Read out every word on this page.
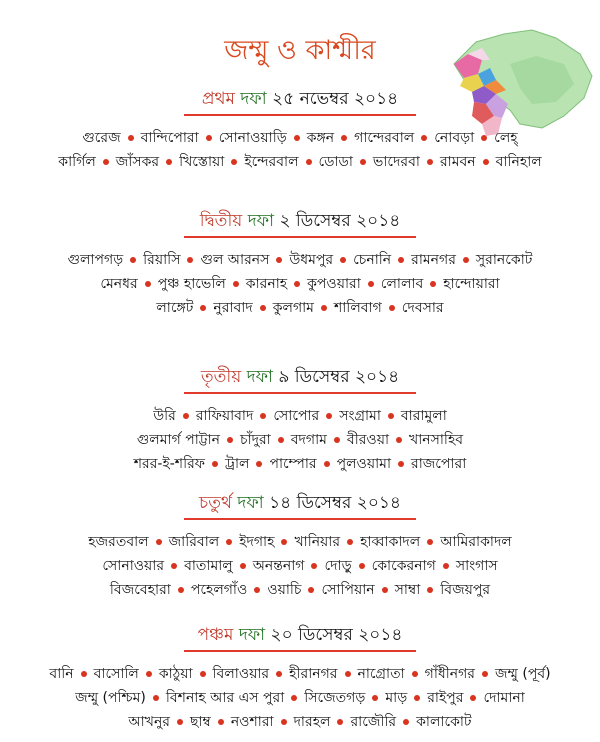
জম্মু ও কাশ্মীর
প্রথম দফা ২৫ নভেম্বর ২০১৪
গুরেজ বান্দিপোরা সোনাওয়াড়ি কঙ্গন গান্দেরবাল নোবড়া লেহ্
কার্গিল জাঁসকর খিস্তোয়া ইন্দেরবাল ডোডা ভাদেরবা রামবন বানিহাল
দ্বিতীয় দফা ২ ডিসেম্বর ২০১৪
গুলাপগড় রিয়াসি গুল আরনস উধমপুর চেনানি রামনগর সুরানকোট
মেনধর পুঞ্চ হাভেলি কারনাহ কুপওয়ারা লোলাব হান্দোয়ারা
লাঙ্গেট নুরাবাদ কুলগাম শালিবাগ দেবসার
তৃতীয় দফা ৯ ডিসেম্বর ২০১৪
উরি রাফিয়াবাদ সোপোর সংগ্রামা বারামুলা
গুলমার্গ পাট্টান চাঁদুরা বদগাম বীরওয়া খানসাহিব
শরর-ই-শরিফ ট্রাল পাম্পোর পুলওয়ামা রাজপোরা
চতুর্থ দফা ১৪ ডিসেম্বর ২০১৪
হজরতবাল জারিবাল ইদগাহ খানিয়ার হাব্বাকাদল আমিরাকাদল
সোনাওয়ার বাতামালু অনন্তনাগ দোড়ু কোকেরনাগ সাংগাস
বিজবেহারা পহেলগাঁও ওয়াচি সোপিয়ান সাম্বা বিজয়পুর
পঞ্চম দফা ২০ ডিসেম্বর ২০১৪
বানি বাসোলি কাঠুয়া বিলাওয়ার হীরানগর নাগ্রোতা গাঁধীনগর জম্মু (পূর্ব)
জম্মু (পশ্চিম) বিশনাহ আর এস পুরা সিজেতগড় মাড় রাইপুর দোমানা
আখনুর ছাম্ব নওশারা দারহল রাজৌরি কালাকোট
